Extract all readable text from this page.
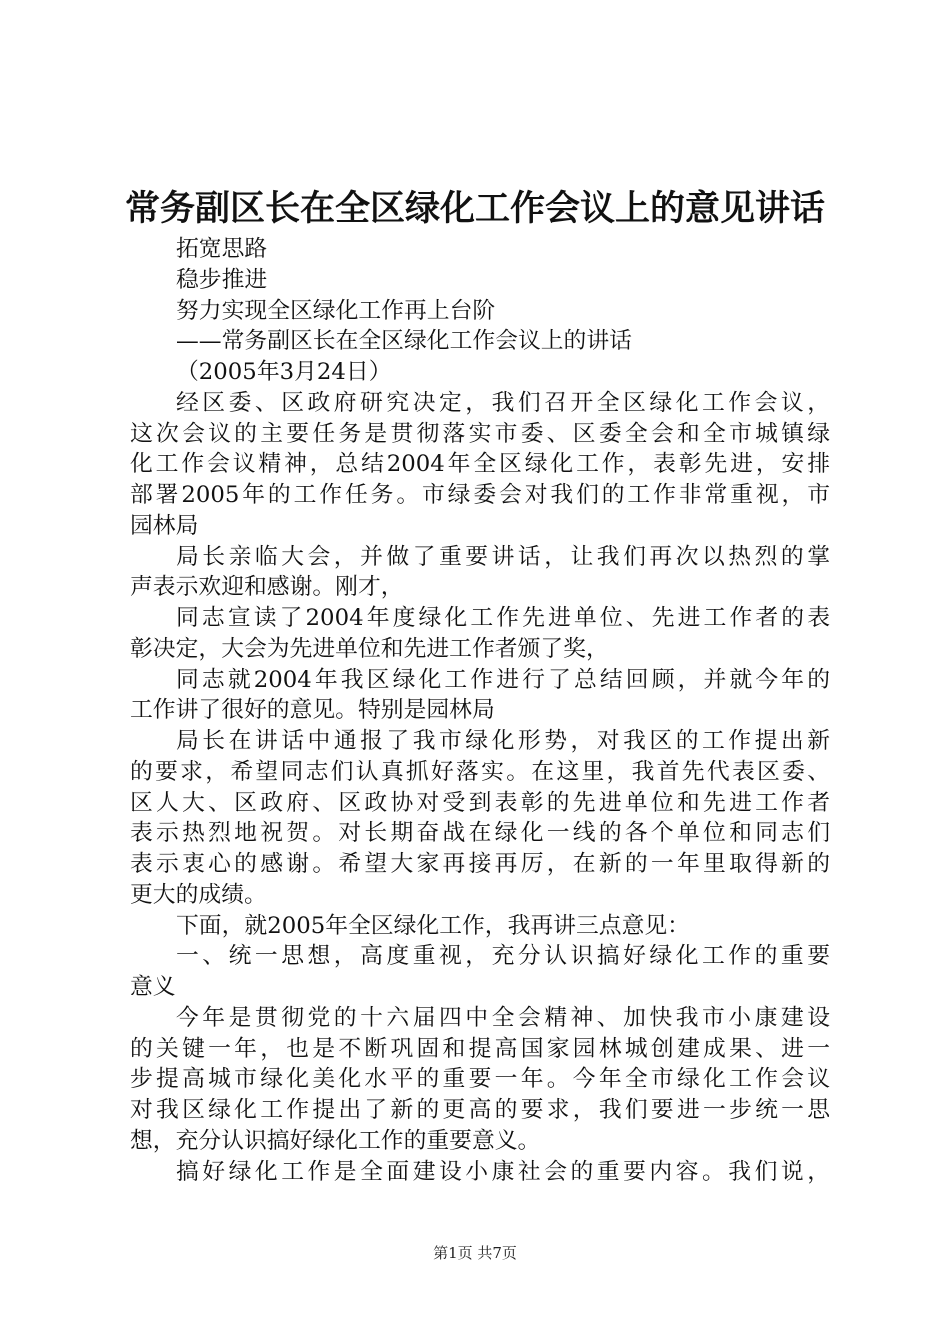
常务副区长在全区绿化工作会议上的意见讲话
拓宽思路
稳步推进
努力实现全区绿化工作再上台阶
——常务副区长在全区绿化工作会议上的讲话
（2005年3月24日）
经区委、区政府研究决定，我们召开全区绿化工作会议，
这次会议的主要任务是贯彻落实市委、区委全会和全市城镇绿
化工作会议精神，总结2004年全区绿化工作，表彰先进，安排
部署2005年的工作任务。市绿委会对我们的工作非常重视，市
园林局
局长亲临大会，并做了重要讲话，让我们再次以热烈的掌
声表示欢迎和感谢。刚才，
同志宣读了2004年度绿化工作先进单位、先进工作者的表
彰决定，大会为先进单位和先进工作者颁了奖，
同志就2004年我区绿化工作进行了总结回顾，并就今年的
工作讲了很好的意见。特别是园林局
局长在讲话中通报了我市绿化形势，对我区的工作提出新
的要求，希望同志们认真抓好落实。在这里，我首先代表区委、
区人大、区政府、区政协对受到表彰的先进单位和先进工作者
表示热烈地祝贺。对长期奋战在绿化一线的各个单位和同志们
表示衷心的感谢。希望大家再接再厉，在新的一年里取得新的
更大的成绩。
下面，就2005年全区绿化工作，我再讲三点意见：
一、统一思想，高度重视，充分认识搞好绿化工作的重要
意义
今年是贯彻党的十六届四中全会精神、加快我市小康建设
的关键一年，也是不断巩固和提高国家园林城创建成果、进一
步提高城市绿化美化水平的重要一年。今年全市绿化工作会议
对我区绿化工作提出了新的更高的要求，我们要进一步统一思
想，充分认识搞好绿化工作的重要意义。
搞好绿化工作是全面建设小康社会的重要内容。我们说，
第1页 共7页
